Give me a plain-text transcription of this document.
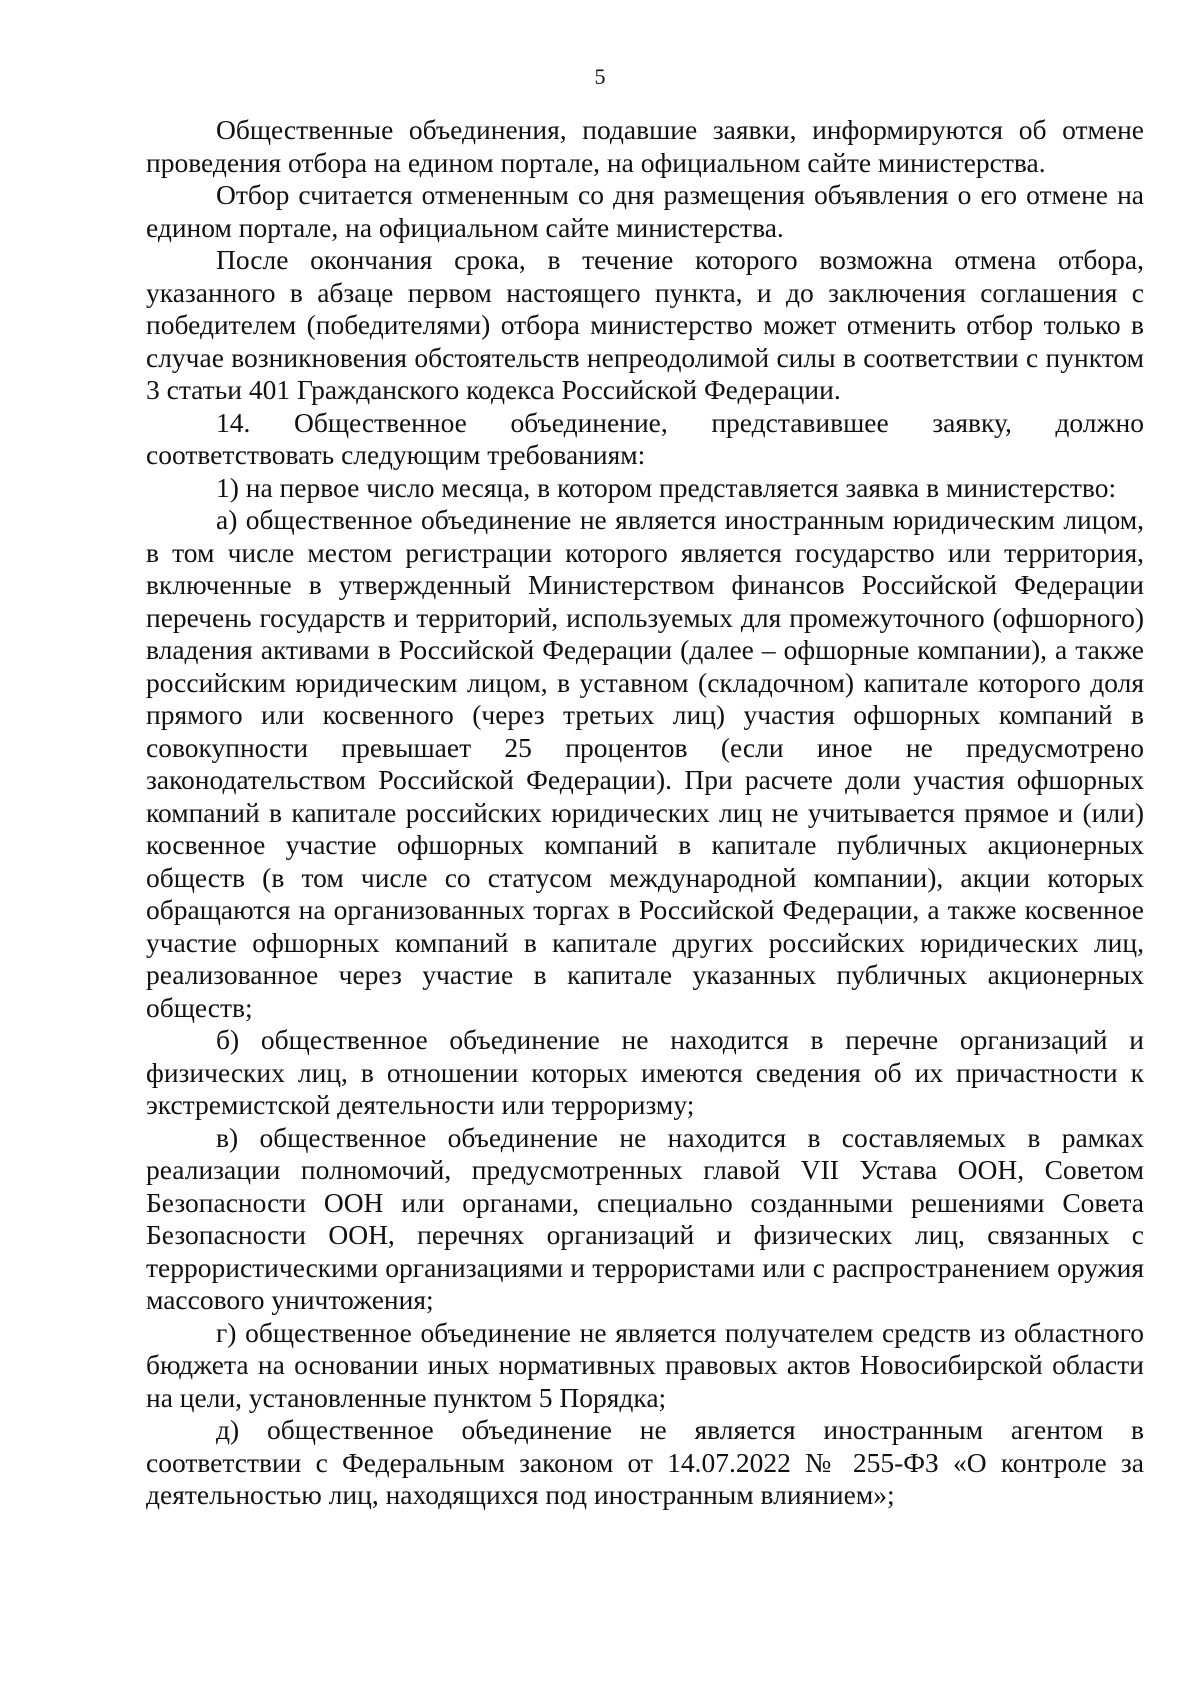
5

Общественные объединения, подавшие заявки, информируются об отмене проведения отбора на едином портале, на официальном сайте министерства.

Отбор считается отмененным со дня размещения объявления о его отмене на едином портале, на официальном сайте министерства.

После окончания срока, в течение которого возможна отмена отбора, указанного в абзаце первом настоящего пункта, и до заключения соглашения с победителем (победителями) отбора министерство может отменить отбор только в случае возникновения обстоятельств непреодолимой силы в соответствии с пунктом 3 статьи 401 Гражданского кодекса Российской Федерации.

14. Общественное объединение, представившее заявку, должно соответствовать следующим требованиям:

1) на первое число месяца, в котором представляется заявка в министерство:

а) общественное объединение не является иностранным юридическим лицом, в том числе местом регистрации которого является государство или территория, включенные в утвержденный Министерством финансов Российской Федерации перечень государств и территорий, используемых для промежуточного (офшорного) владения активами в Российской Федерации (далее – офшорные компании), а также российским юридическим лицом, в уставном (складочном) капитале которого доля прямого или косвенного (через третьих лиц) участия офшорных компаний в совокупности превышает 25 процентов (если иное не предусмотрено законодательством Российской Федерации). При расчете доли участия офшорных компаний в капитале российских юридических лиц не учитывается прямое и (или) косвенное участие офшорных компаний в капитале публичных акционерных обществ (в том числе со статусом международной компании), акции которых обращаются на организованных торгах в Российской Федерации, а также косвенное участие офшорных компаний в капитале других российских юридических лиц, реализованное через участие в капитале указанных публичных акционерных обществ;

б) общественное объединение не находится в перечне организаций и физических лиц, в отношении которых имеются сведения об их причастности к экстремистской деятельности или терроризму;

в) общественное объединение не находится в составляемых в рамках реализации полномочий, предусмотренных главой VII Устава ООН, Советом Безопасности ООН или органами, специально созданными решениями Совета Безопасности ООН, перечнях организаций и физических лиц, связанных с террористическими организациями и террористами или с распространением оружия массового уничтожения;

г) общественное объединение не является получателем средств из областного бюджета на основании иных нормативных правовых актов Новосибирской области на цели, установленные пунктом 5 Порядка;

д) общественное объединение не является иностранным агентом в соответствии с Федеральным законом от 14.07.2022 № 255-ФЗ «О контроле за деятельностью лиц, находящихся под иностранным влиянием»;
